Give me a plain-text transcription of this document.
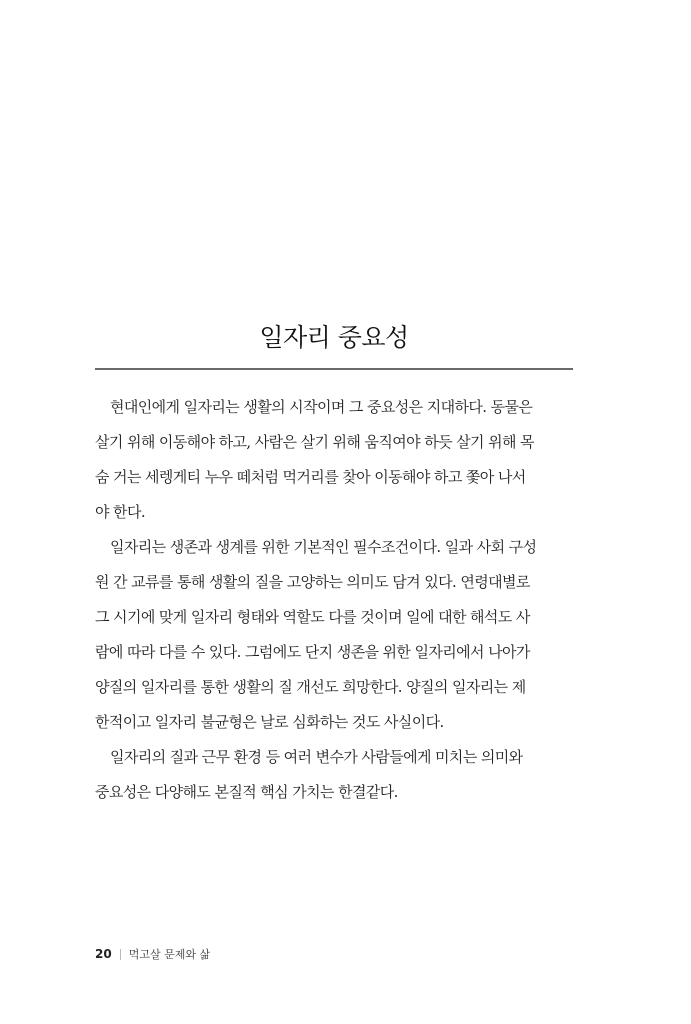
일자리 중요성
현대인에게 일자리는 생활의 시작이며 그 중요성은 지대하다. 동물은
살기 위해 이동해야 하고, 사람은 살기 위해 움직여야 하듯 살기 위해 목
숨 거는 세렝게티 누우 떼처럼 먹거리를 찾아 이동해야 하고 쫓아 나서
야 한다.
일자리는 생존과 생계를 위한 기본적인 필수조건이다. 일과 사회 구성
원 간 교류를 통해 생활의 질을 고양하는 의미도 담겨 있다. 연령대별로
그 시기에 맞게 일자리 형태와 역할도 다를 것이며 일에 대한 해석도 사
람에 따라 다를 수 있다. 그럼에도 단지 생존을 위한 일자리에서 나아가
양질의 일자리를 통한 생활의 질 개선도 희망한다. 양질의 일자리는 제
한적이고 일자리 불균형은 날로 심화하는 것도 사실이다.
일자리의 질과 근무 환경 등 여러 변수가 사람들에게 미치는 의미와
중요성은 다양해도 본질적 핵심 가치는 한결같다.
20 먹고살 문제와 삶
